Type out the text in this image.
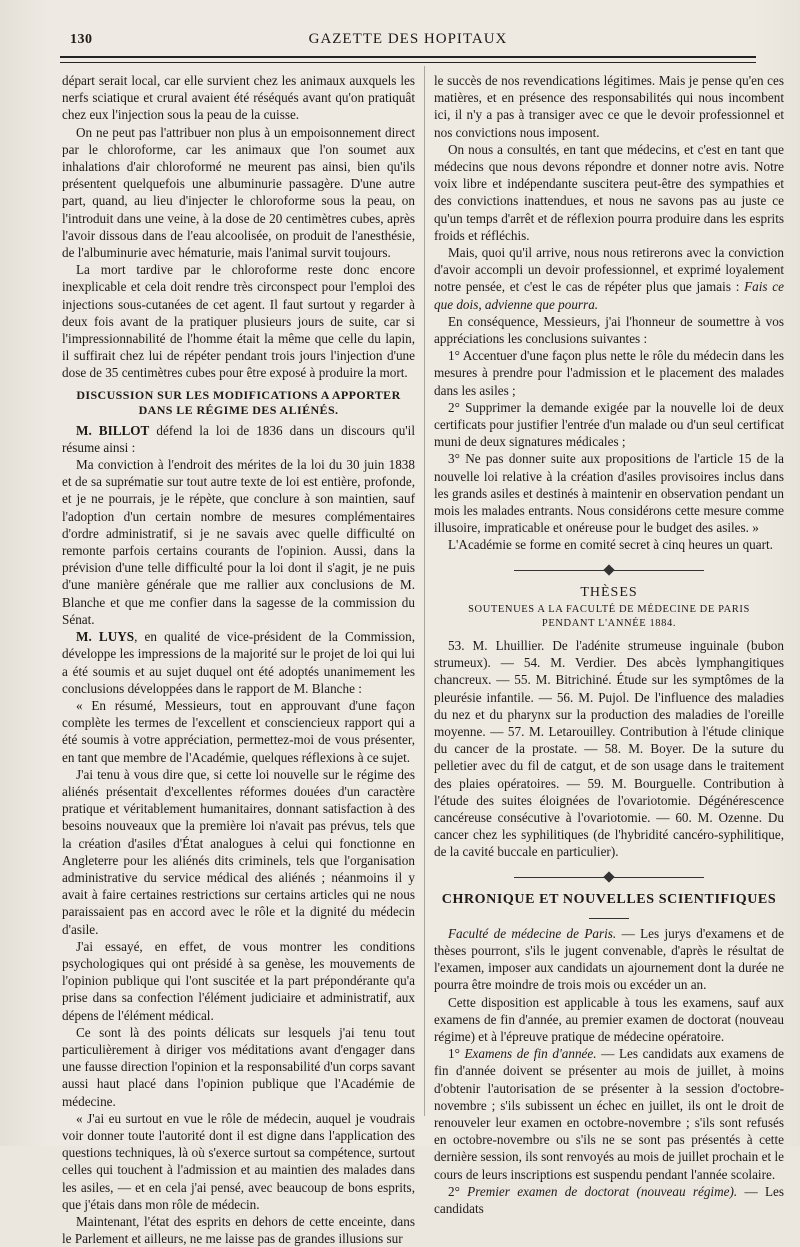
130	GAZETTE DES HOPITAUX

départ serait local, car elle survient chez les animaux auxquels les nerfs sciatique et crural avaient été réséqués avant qu'on pratiquât chez eux l'injection sous la peau de la cuisse.

On ne peut pas l'attribuer non plus à un empoisonnement direct par le chloroforme, car les animaux que l'on soumet aux inhalations d'air chloroformé ne meurent pas ainsi, bien qu'ils présentent quelquefois une albuminurie passagère. D'une autre part, quand, au lieu d'injecter le chloroforme sous la peau, on l'introduit dans une veine, à la dose de 20 centimètres cubes, après l'avoir dissous dans de l'eau alcoolisée, on produit de l'anesthésie, de l'albuminurie avec hématurie, mais l'animal survit toujours.

La mort tardive par le chloroforme reste donc encore inexplicable et cela doit rendre très circonspect pour l'emploi des injections sous-cutanées de cet agent. Il faut surtout y regarder à deux fois avant de la pratiquer plusieurs jours de suite, car si l'impressionnabilité de l'homme était la même que celle du lapin, il suffirait chez lui de répéter pendant trois jours l'injection d'une dose de 35 centimètres cubes pour être exposé à produire la mort.

DISCUSSION SUR LES MODIFICATIONS A APPORTER DANS LE RÉGIME DES ALIÉNÉS.

M. BILLOT défend la loi de 1836 dans un discours qu'il résume ainsi :

Ma conviction à l'endroit des mérites de la loi du 30 juin 1838 et de sa suprématie sur tout autre texte de loi est entière, profonde, et je ne pourrais, je le répète, que conclure à son maintien, sauf l'adoption d'un certain nombre de mesures complémentaires d'ordre administratif, si je ne savais avec quelle difficulté on remonte parfois certains courants de l'opinion. Aussi, dans la prévision d'une telle difficulté pour la loi dont il s'agit, je ne puis d'une manière générale que me rallier aux conclusions de M. Blanche et que me confier dans la sagesse de la commission du Sénat.

M. LUYS, en qualité de vice-président de la Commission, développe les impressions de la majorité sur le projet de loi qui lui a été soumis et au sujet duquel ont été adoptés unanimement les conclusions développées dans le rapport de M. Blanche :

« En résumé, Messieurs, tout en approuvant d'une façon complète les termes de l'excellent et consciencieux rapport qui a été soumis à votre appréciation, permettez-moi de vous présenter, en tant que membre de l'Académie, quelques réflexions à ce sujet.

J'ai tenu à vous dire que, si cette loi nouvelle sur le régime des aliénés présentait d'excellentes réformes douées d'un caractère pratique et véritablement humanitaires, donnant satisfaction à des besoins nouveaux que la première loi n'avait pas prévus, tels que la création d'asiles d'État analogues à celui qui fonctionne en Angleterre pour les aliénés dits criminels, tels que l'organisation administrative du service médical des aliénés ; néanmoins il y avait à faire certaines restrictions sur certains articles qui ne nous paraissaient pas en accord avec le rôle et la dignité du médecin d'asile.

J'ai essayé, en effet, de vous montrer les conditions psychologiques qui ont présidé à sa genèse, les mouvements de l'opinion publique qui l'ont suscitée et la part prépondérante qu'a prise dans sa confection l'élément judiciaire et administratif, aux dépens de l'élément médical.

Ce sont là des points délicats sur lesquels j'ai tenu tout particulièrement à diriger vos méditations avant d'engager dans une fausse direction l'opinion et la responsabilité d'un corps savant aussi haut placé dans l'opinion publique que l'Académie de médecine.

« J'ai eu surtout en vue le rôle de médecin, auquel je voudrais voir donner toute l'autorité dont il est digne dans l'application des questions techniques, là où s'exerce surtout sa compétence, surtout celles qui touchent à l'admission et au maintien des malades dans les asiles, — et en cela j'ai pensé, avec beaucoup de bons esprits, que j'étais dans mon rôle de médecin.

Maintenant, l'état des esprits en dehors de cette enceinte, dans le Parlement et ailleurs, ne me laisse pas de grandes illusions sur

le succès de nos revendications légitimes. Mais je pense qu'en ces matières, et en présence des responsabilités qui nous incombent ici, il n'y a pas à transiger avec ce que le devoir professionnel et nos convictions nous imposent.

On nous a consultés, en tant que médecins, et c'est en tant que médecins que nous devons répondre et donner notre avis. Notre voix libre et indépendante suscitera peut-être des sympathies et des convictions inattendues, et nous ne savons pas au juste ce qu'un temps d'arrêt et de réflexion pourra produire dans les esprits froids et réfléchis.

Mais, quoi qu'il arrive, nous nous retirerons avec la conviction d'avoir accompli un devoir professionnel, et exprimé loyalement notre pensée, et c'est le cas de répéter plus que jamais : Fais ce que dois, advienne que pourra.

En conséquence, Messieurs, j'ai l'honneur de soumettre à vos appréciations les conclusions suivantes :

1° Accentuer d'une façon plus nette le rôle du médecin dans les mesures à prendre pour l'admission et le placement des malades dans les asiles ;

2° Supprimer la demande exigée par la nouvelle loi de deux certificats pour justifier l'entrée d'un malade ou d'un seul certificat muni de deux signatures médicales ;

3° Ne pas donner suite aux propositions de l'article 15 de la nouvelle loi relative à la création d'asiles provisoires inclus dans les grands asiles et destinés à maintenir en observation pendant un mois les malades entrants. Nous considérons cette mesure comme illusoire, impraticable et onéreuse pour le budget des asiles. »

L'Académie se forme en comité secret à cinq heures un quart.

THÈSES
SOUTENUES A LA FACULTÉ DE MÉDECINE DE PARIS
PENDANT L'ANNÉE 1884.

53. M. Lhuillier. De l'adénite strumeuse inguinale (bubon strumeux). — 54. M. Verdier. Des abcès lymphangitiques chancreux. — 55. M. Bitrichiné. Étude sur les symptômes de la pleurésie infantile. — 56. M. Pujol. De l'influence des maladies du nez et du pharynx sur la production des maladies de l'oreille moyenne. — 57. M. Letarouilley. Contribution à l'étude clinique du cancer de la prostate. — 58. M. Boyer. De la suture du pelletier avec du fil de catgut, et de son usage dans le traitement des plaies opératoires. — 59. M. Bourguelle. Contribution à l'étude des suites éloignées de l'ovariotomie. Dégénérescence cancéreuse consécutive à l'ovariotomie. — 60. M. Ozenne. Du cancer chez les syphilitiques (de l'hybridité cancéro-syphilitique, de la cavité buccale en particulier).

CHRONIQUE ET NOUVELLES SCIENTIFIQUES

Faculté de médecine de Paris. — Les jurys d'examens et de thèses pourront, s'ils le jugent convenable, d'après le résultat de l'examen, imposer aux candidats un ajournement dont la durée ne pourra être moindre de trois mois ou excéder un an.

Cette disposition est applicable à tous les examens, sauf aux examens de fin d'année, au premier examen de doctorat (nouveau régime) et à l'épreuve pratique de médecine opératoire.

1° Examens de fin d'année. — Les candidats aux examens de fin d'année doivent se présenter au mois de juillet, à moins d'obtenir l'autorisation de se présenter à la session d'octobre-novembre ; s'ils subissent un échec en juillet, ils ont le droit de renouveler leur examen en octobre-novembre ; s'ils sont refusés en octobre-novembre ou s'ils ne se sont pas présentés à cette dernière session, ils sont renvoyés au mois de juillet prochain et le cours de leurs inscriptions est suspendu pendant l'année scolaire.

2° Premier examen de doctorat (nouveau régime). — Les candidats
